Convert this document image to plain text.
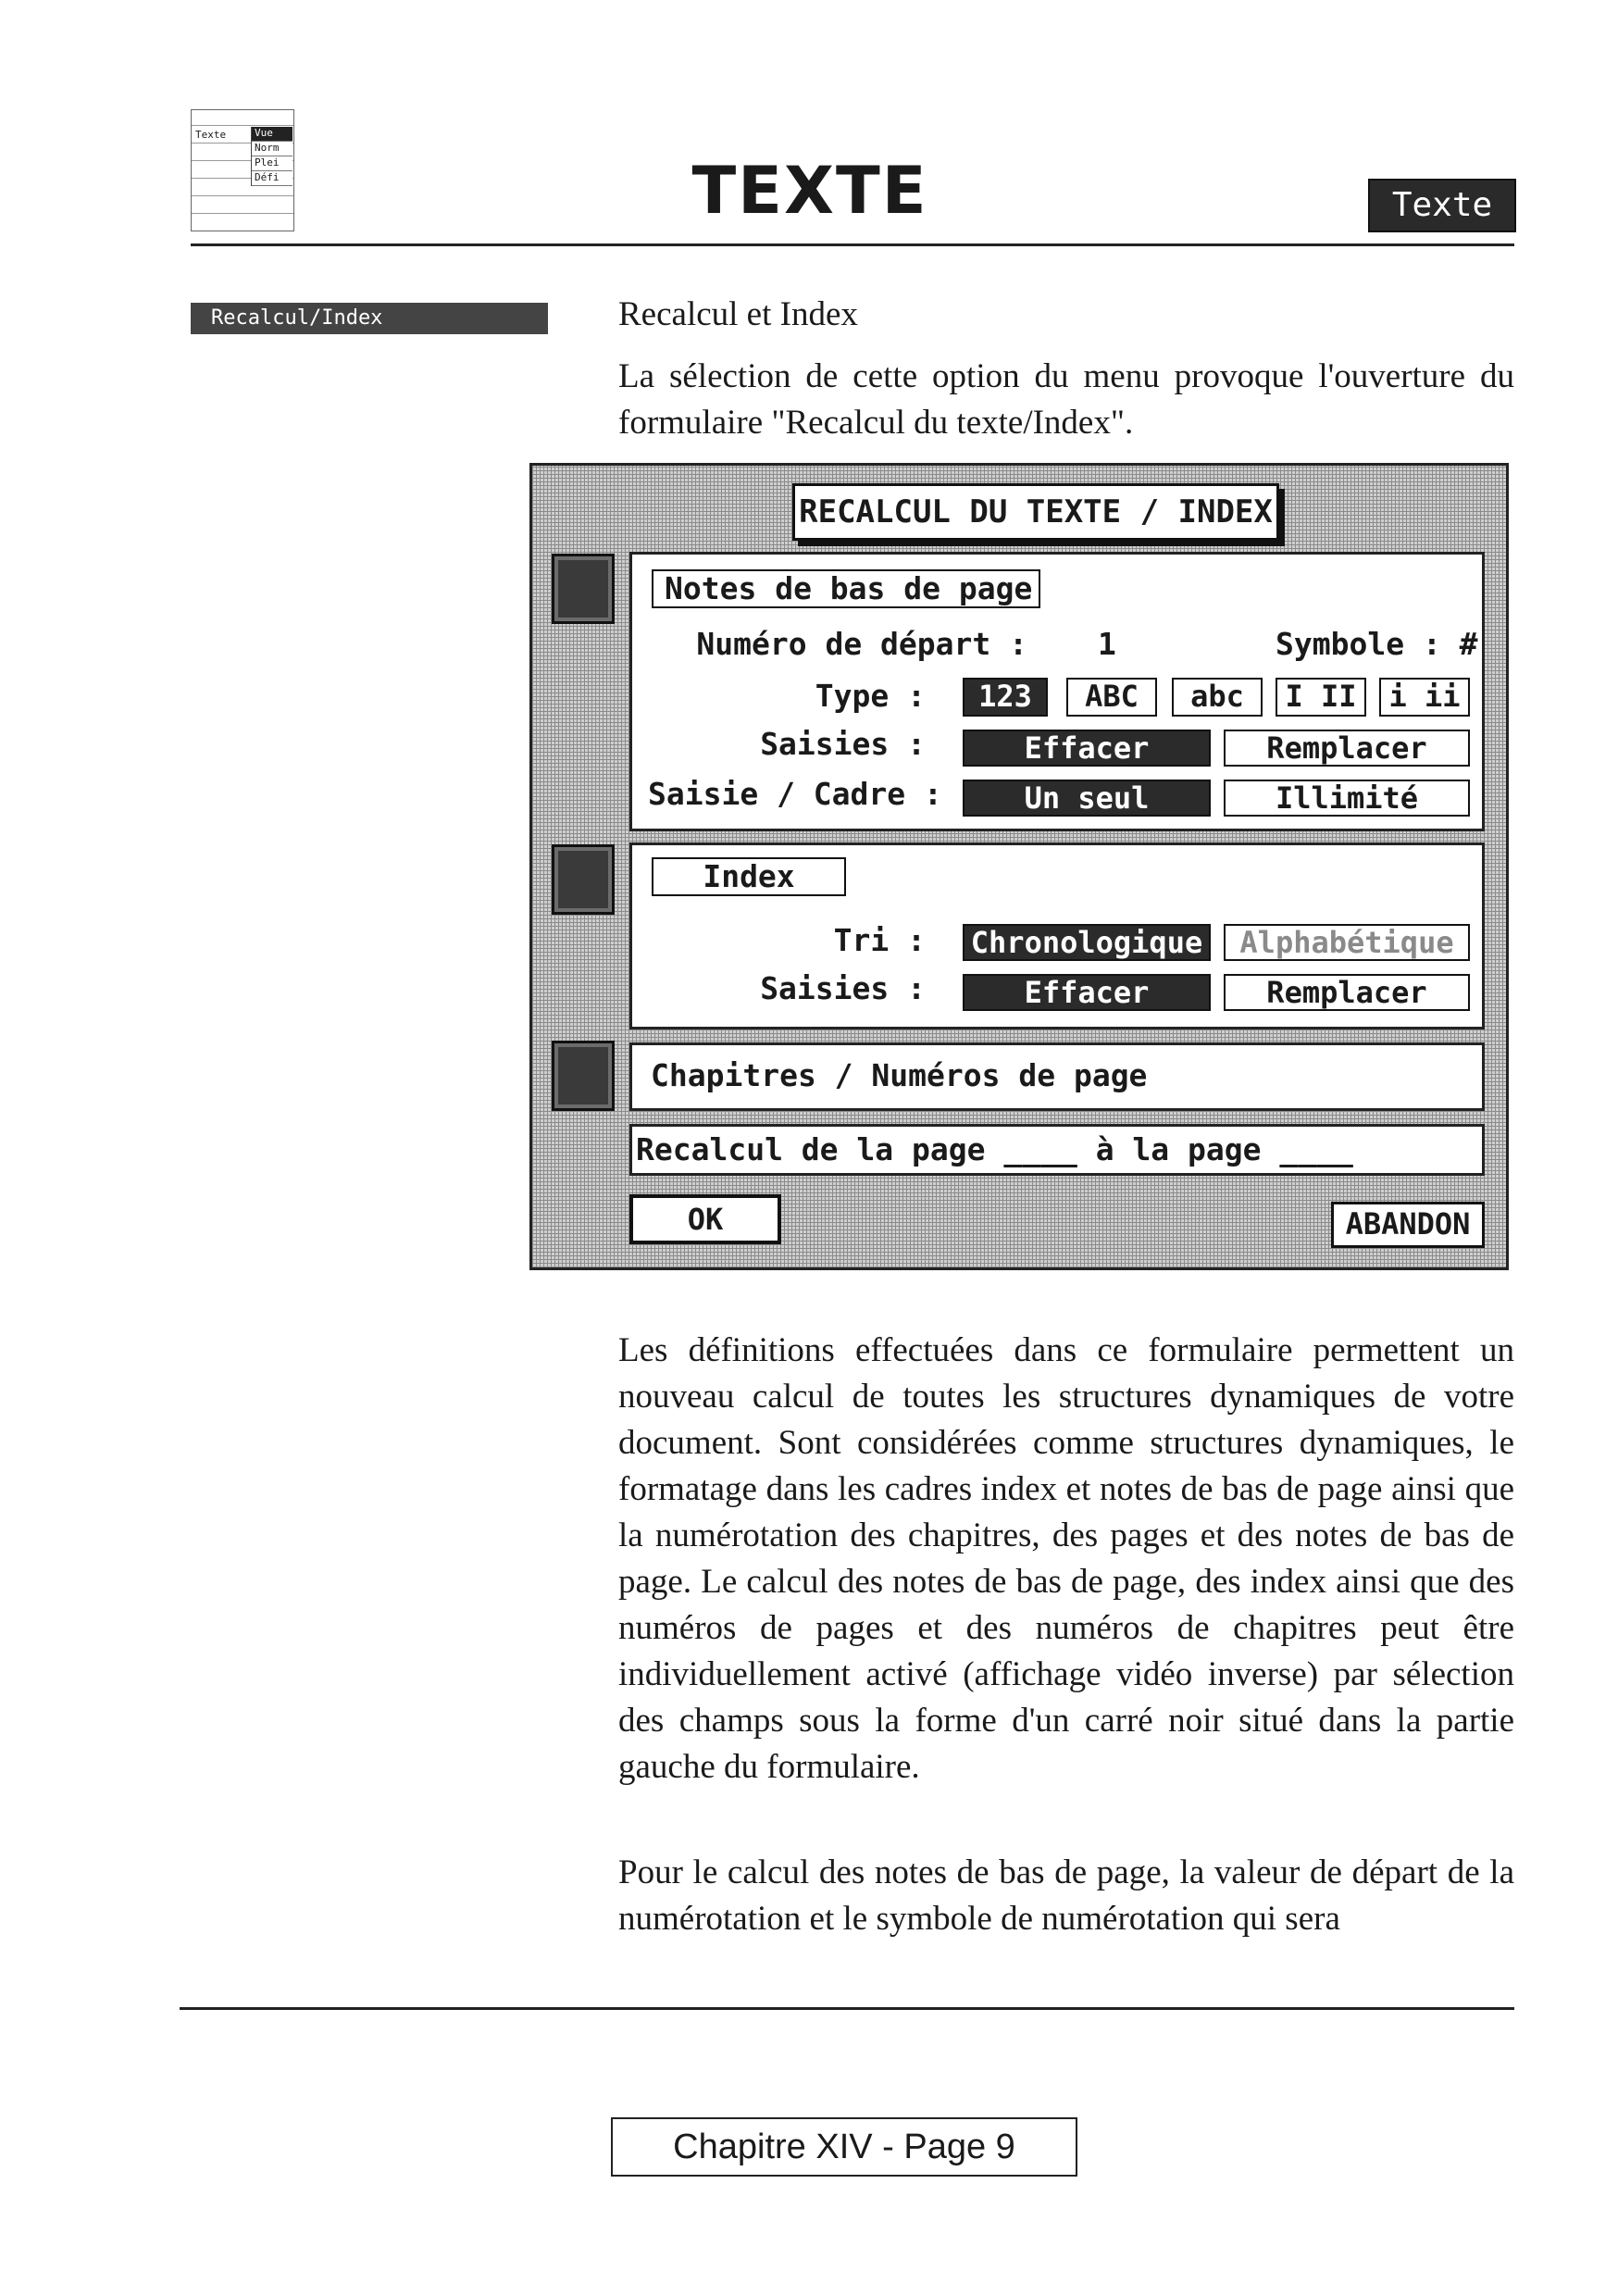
Texte	Vue
Norm
Plei
Défi	TEXTE	Texte
Recalcul/Index	Recalcul et Index
La sélection de cette option du menu provoque l'ouverture du formulaire "Recalcul du texte/Index".
RECALCUL DU TEXTE / INDEX
Notes de bas de page
Numéro de départ : 1	Symbole : #
Type :	123	ABC	abc	I II	i ii
Saisies :	Effacer	Remplacer
Saisie / Cadre :	Un seul	Illimité
Index
Tri : Chronologique	Alphabétique
Saisies :	Effacer	Remplacer
Chapitres / Numéros de page
Recalcul de la page ____ à la page ____
OK	ABANDON
Les définitions effectuées dans ce formulaire permettent un nouveau calcul de toutes les structures dynamiques de votre document. Sont considérées comme structures dynamiques, le formatage dans les cadres index et notes de bas de page ainsi que la numérotation des chapitres, des pages et des notes de bas de page. Le calcul des notes de bas de page, des index ainsi que des numéros de pages et des numéros de chapitres peut être individuellement activé (affichage vidéo inverse) par sélection des champs sous la forme d'un carré noir situé dans la partie gauche du formulaire.
Pour le calcul des notes de bas de page, la valeur de départ de la numérotation et le symbole de numérotation qui sera
Chapitre XIV - Page 9
